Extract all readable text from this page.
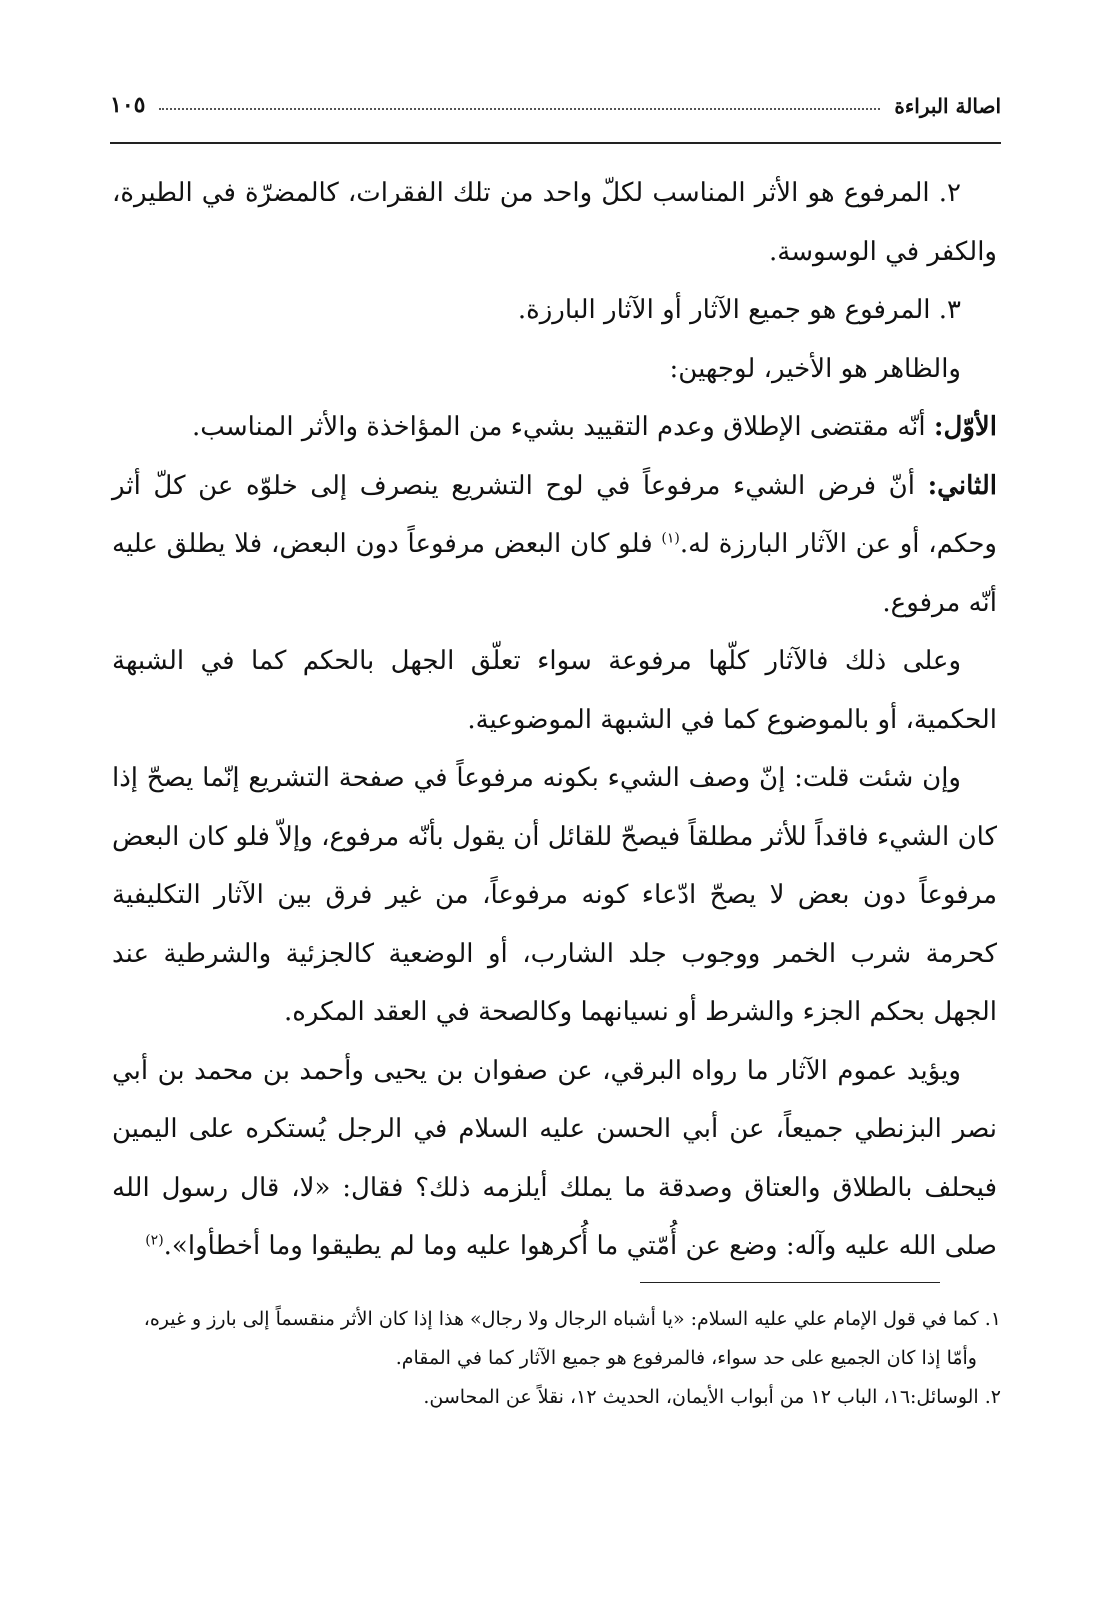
اصالة البراءة
١٠٥

٢. المرفوع هو الأثر المناسب لكلّ واحد من تلك الفقرات، كالمضرّة في الطيرة، والكفر في الوسوسة.

٣. المرفوع هو جميع الآثار أو الآثار البارزة.

والظاهر هو الأخير، لوجهين:

الأوّل: أنّه مقتضى الإطلاق وعدم التقييد بشيء من المؤاخذة والأثر المناسب.

الثاني: أنّ فرض الشيء مرفوعاً في لوح التشريع ينصرف إلى خلوّه عن كلّ أثر وحكم، أو عن الآثار البارزة له.$^{(١)}$ فلو كان البعض مرفوعاً دون البعض، فلا يطلق عليه أنّه مرفوع.

وعلى ذلك فالآثار كلّها مرفوعة سواء تعلّق الجهل بالحكم كما في الشبهة الحكمية، أو بالموضوع كما في الشبهة الموضوعية.

وإن شئت قلت: إنّ وصف الشيء بكونه مرفوعاً في صفحة التشريع إنّما يصحّ إذا كان الشيء فاقداً للأثر مطلقاً فيصحّ للقائل أن يقول بأنّه مرفوع، وإلاّ فلو كان البعض مرفوعاً دون بعض لا يصحّ ادّعاء كونه مرفوعاً، من غير فرق بين الآثار التكليفية كحرمة شرب الخمر ووجوب جلد الشارب، أو الوضعية كالجزئية والشرطية عند الجهل بحكم الجزء والشرط أو نسيانهما وكالصحة في العقد المكره.

ويؤيد عموم الآثار ما رواه البرقي، عن صفوان بن يحيى وأحمد بن محمد بن أبي نصر البزنطي جميعاً، عن أبي الحسن عليه السلام في الرجل يُستكره على اليمين فيحلف بالطلاق والعتاق وصدقة ما يملك أيلزمه ذلك؟ فقال: «لا، قال رسول الله صلى الله عليه وآله: وضع عن أُمّتي ما أُكرهوا عليه وما لم يطيقوا وما أخطأوا».$^{(٢)}$

١. كما في قول الإمام علي عليه السلام: «يا أشباه الرجال ولا رجال» هذا إذا كان الأثر منقسماً إلى بارز و غيره،

وأمّا إذا كان الجميع على حد سواء، فالمرفوع هو جميع الآثار كما في المقام.

٢. الوسائل:١٦، الباب ١٢ من أبواب الأيمان، الحديث ١٢، نقلاً عن المحاسن.
